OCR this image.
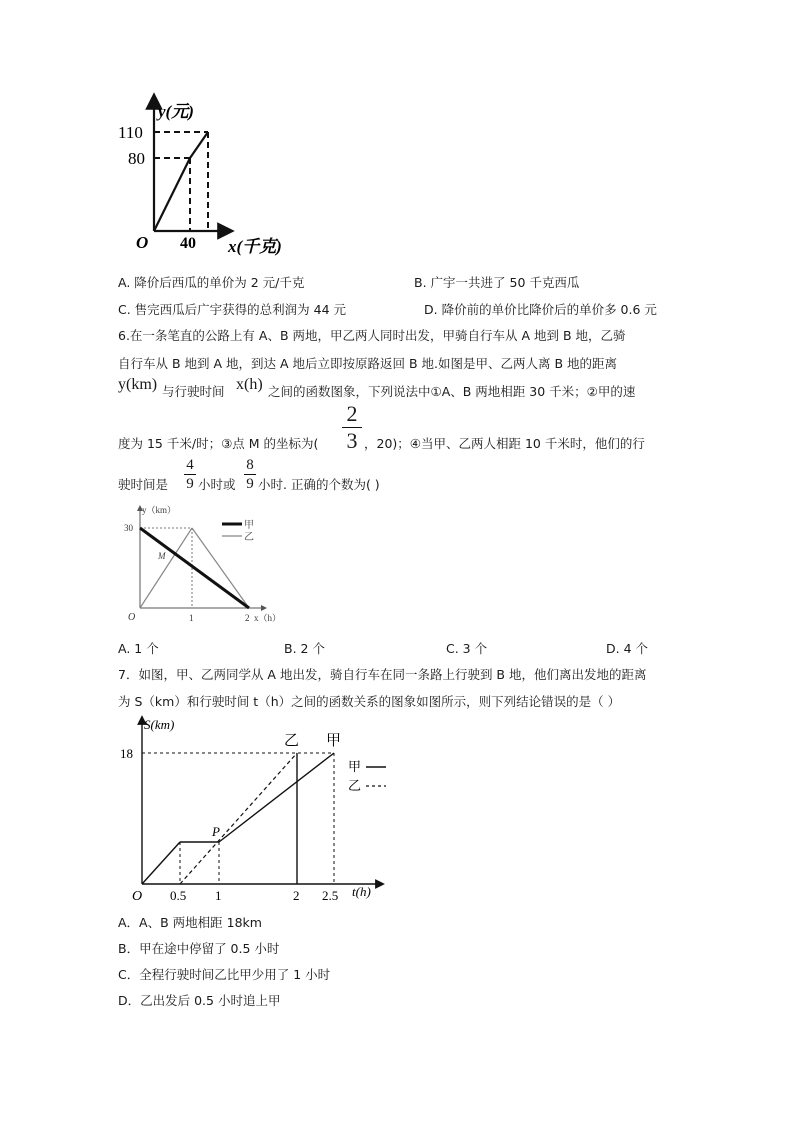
y(元)
110
80
O 40 x(千克)
A. 降价后西瓜的单价为 2 元/千克	B. 广宇一共进了 50 千克西瓜
C. 售完西瓜后广宇获得的总利润为 44 元	D. 降价前的单价比降价后的单价多 0.6 元
6.在一条笔直的公路上有 A、B 两地，甲乙两人同时出发，甲骑自行车从 A 地到 B 地，乙骑
自行车从 B 地到 A 地，到达 A 地后立即按原路返回 B 地.如图是甲、乙两人离 B 地的距离
y(km) 与行驶时间 x(h) 之间的函数图象，下列说法中①A、B 两地相距 30 千米；②甲的速
度为 15 千米/时；③点 M 的坐标为(
2
3 ，20)；④当甲、乙两人相距 10 千米时，他们的行
驶时间是
4
9 小时或
8
9 小时. 正确的个数为( )
甲
乙
y（km）
30
M
O	1	2 x（h）
A. 1 个	B. 2 个	C. 3 个	D. 4 个
7．如图，甲、乙两同学从 A 地出发，骑自行车在同一条路上行驶到 B 地，他们离出发地的距离
为 S（km）和行驶时间 t（h）之间的函数关系的图象如图所示，则下列结论错误的是（ ）
甲
乙
乙 甲
S(km)
18
P
O 0.5 1	2 2.5 t(h)
A．A、B 两地相距 18km
B．甲在途中停留了 0.5 小时
C．全程行驶时间乙比甲少用了 1 小时
D．乙出发后 0.5 小时追上甲
